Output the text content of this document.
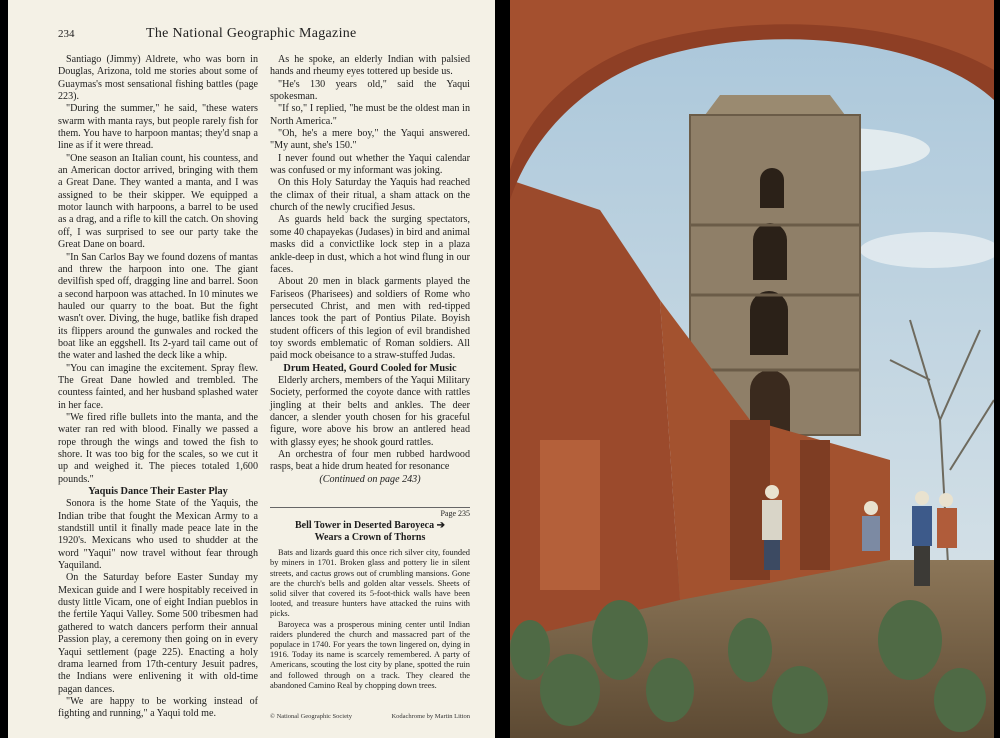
234	The National Geographic Magazine

Santiago (Jimmy) Aldrete, who was born in Douglas, Arizona, told me stories about some of Guaymas's most sensational fishing battles (page 223).

"During the summer," he said, "these waters swarm with manta rays, but people rarely fish for them. You have to harpoon mantas; they'd snap a line as if it were thread.

"One season an Italian count, his countess, and an American doctor arrived, bringing with them a Great Dane. They wanted a manta, and I was assigned to be their skipper. We equipped a motor launch with harpoons, a barrel to be used as a drag, and a rifle to kill the catch. On shoving off, I was surprised to see our party take the Great Dane on board.

"In San Carlos Bay we found dozens of mantas and threw the harpoon into one. The giant devilfish sped off, dragging line and barrel. Soon a second harpoon was attached. In 10 minutes we hauled our quarry to the boat. But the fight wasn't over. Diving, the huge, batlike fish draped its flippers around the gunwales and rocked the boat like an eggshell. Its 2-yard tail came out of the water and lashed the deck like a whip.

"You can imagine the excitement. Spray flew. The Great Dane howled and trembled. The countess fainted, and her husband splashed water in her face.

"We fired rifle bullets into the manta, and the water ran red with blood. Finally we passed a rope through the wings and towed the fish to shore. It was too big for the scales, so we cut it up and weighed it. The pieces totaled 1,600 pounds."

Yaquis Dance Their Easter Play

Sonora is the home State of the Yaquis, the Indian tribe that fought the Mexican Army to a standstill until it finally made peace late in the 1920's. Mexicans who used to shudder at the word "Yaqui" now travel without fear through Yaquiland.

On the Saturday before Easter Sunday my Mexican guide and I were hospitably received in dusty little Vicam, one of eight Indian pueblos in the fertile Yaqui Valley. Some 500 tribesmen had gathered to watch dancers perform their annual Passion play, a ceremony then going on in every Yaqui settlement (page 225). Enacting a holy drama learned from 17th-century Jesuit padres, the Indians were enlivening it with old-time pagan dances.

"We are happy to be working instead of fighting and running," a Yaqui told me.

As he spoke, an elderly Indian with palsied hands and rheumy eyes tottered up beside us.

"He's 130 years old," said the Yaqui spokesman.

"If so," I replied, "he must be the oldest man in North America."

"Oh, he's a mere boy," the Yaqui answered. "My aunt, she's 150."

I never found out whether the Yaqui calendar was confused or my informant was joking.

On this Holy Saturday the Yaquis had reached the climax of their ritual, a sham attack on the church of the newly crucified Jesus.

As guards held back the surging spectators, some 40 chapayekas (Judases) in bird and animal masks did a convictlike lock step in a plaza ankle-deep in dust, which a hot wind flung in our faces.

About 20 men in black garments played the Fariseos (Pharisees) and soldiers of Rome who persecuted Christ, and men with red-tipped lances took the part of Pontius Pilate. Boyish student officers of this legion of evil brandished toy swords emblematic of Roman soldiers. All paid mock obeisance to a straw-stuffed Judas.

Drum Heated, Gourd Cooled for Music

Elderly archers, members of the Yaqui Military Society, performed the coyote dance with rattles jingling at their belts and ankles. The deer dancer, a slender youth chosen for his graceful figure, wore above his brow an antlered head with glassy eyes; he shook gourd rattles.

An orchestra of four men rubbed hardwood rasps, beat a hide drum heated for resonance

(Continued on page 243)

Page 235
Bell Tower in Deserted Baroyeca ➔
Wears a Crown of Thorns

Bats and lizards guard this once rich silver city, founded by miners in 1701. Broken glass and pottery lie in silent streets, and cactus grows out of crumbling mansions. Gone are the church's bells and golden altar vessels. Sheets of solid silver that covered its 5-foot-thick walls have been looted, and treasure hunters have attacked the ruins with picks.

Baroyeca was a prosperous mining center until Indian raiders plundered the church and massacred part of the populace in 1740. For years the town lingered on, dying in 1916. Today its name is scarcely remembered. A party of Americans, scouting the lost city by plane, spotted the ruin and followed through on a track. They cleared the abandoned Camino Real by chopping down trees.

© National Geographic Society	Kodachrome by Martin Litton
